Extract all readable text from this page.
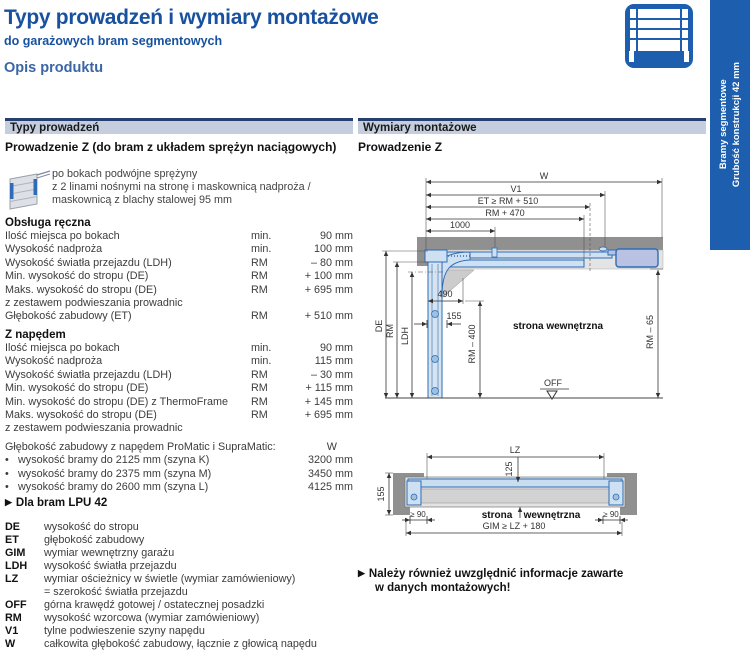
Typy prowadzeń i wymiary montażowe
do garażowych bram segmentowych
Opis produktu
Bramy segmentowe Grubość konstrukcji 42 mm
Typy prowadzeń
Prowadzenie Z (do bram z układem sprężyn naciągowych)
po bokach podwójne sprężyny
z 2 linami nośnymi na stronę i maskownicą nadproża /
maskownicą z blachy stalowej 95 mm
Obsługa ręczna
Ilość miejsca po bokach	min.	90 mm
Wysokość nadproża	min.	100 mm
Wysokość światła przejazdu (LDH)	RM	– 80 mm
Min. wysokość do stropu (DE)	RM	+ 100 mm
Maks. wysokość do stropu (DE)	RM	+ 695 mm
z zestawem podwieszania prowadnic
Głębokość zabudowy (ET)	RM	+ 510 mm
Z napędem
Ilość miejsca po bokach	min.	90 mm
Wysokość nadproża	min.	115 mm
Wysokość światła przejazdu (LDH)	RM	– 30 mm
Min. wysokość do stropu (DE)	RM	+ 115 mm
Min. wysokość do stropu (DE) z ThermoFrame	RM	+ 145 mm
Maks. wysokość do stropu (DE)	RM	+ 695 mm
z zestawem podwieszania prowadnic
Głębokość zabudowy z napędem ProMatic i SupraMatic:	W
• wysokość bramy do 2125 mm (szyna K)	3200 mm
• wysokość bramy do 2375 mm (szyna M)	3450 mm
• wysokość bramy do 2600 mm (szyna L)	4125 mm
▶ Dla bram LPU 42
DE	wysokość do stropu
ET	głębokość zabudowy
GIM	wymiar wewnętrzny garażu
LDH	wysokość światła przejazdu
LZ	wymiar ościeżnicy w świetle (wymiar zamówieniowy)
= szerokość światła przejazdu
OFF	górna krawędź gotowej / ostatecznej posadzki
RM	wysokość wzorcowa (wymiar zamówieniowy)
V1	tylne podwieszenie szyny napędu
W	całkowita głębokość zabudowy, łącznie z głowicą napędu
Wymiary montażowe
Prowadzenie Z
W
V1
ET ≥ RM + 510
RM + 470
1000
DE RM LDH
490
155
RM – 400	RM – 65
strona wewnętrzna
OFF
LZ
125
155
≥ 90	≥ 90
GIM ≥ LZ + 180
strona wewnętrzna
▶ Należy również uwzględnić informacje zawarte
w danych montażowych!
